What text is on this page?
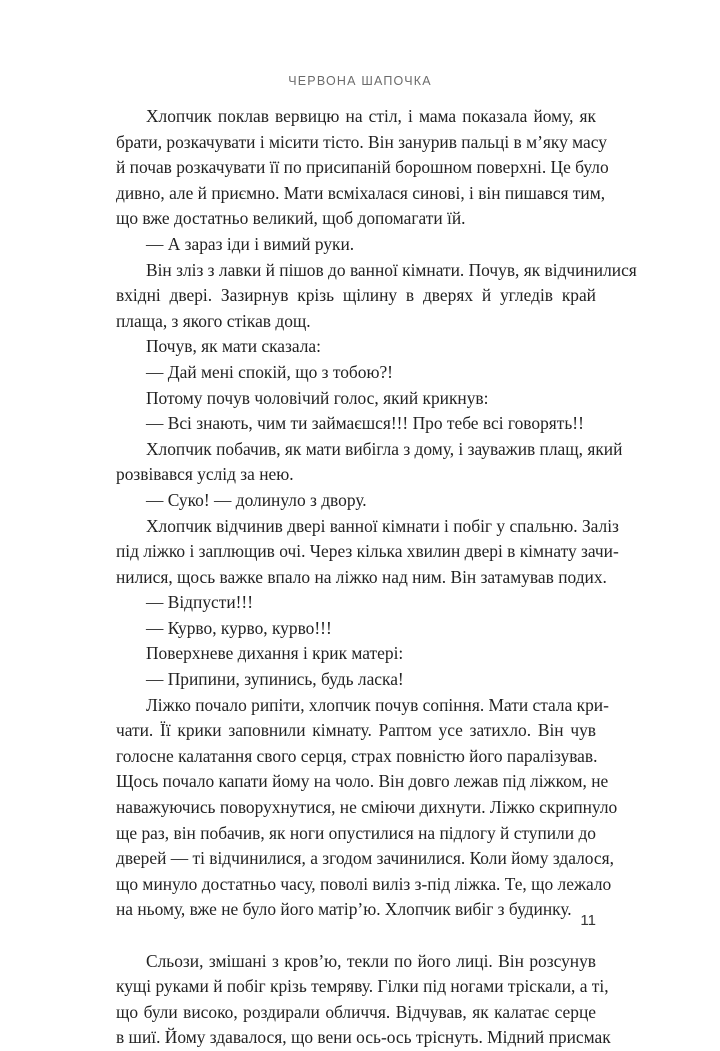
ЧЕРВОНА ШАПОЧКА
Хлопчик поклав вервицю на стіл, і мама показала йому, як
брати, розкачувати і місити тісто. Він занурив пальці в м’яку масу
й почав розкачувати її по присипаній борошном поверхні. Це було
дивно, але й приємно. Мати всміхалася синові, і він пишався тим,
що вже достатньо великий, щоб допомагати їй.
— А зараз іди і вимий руки.
Він зліз з лавки й пішов до ванної кімнати. Почув, як відчинилися
вхідні двері. Зазирнув крізь щілину в дверях й угледів край
плаща, з якого стікав дощ.
Почув, як мати сказала:
— Дай мені спокій, що з тобою?!
Потому почув чоловічий голос, який крикнув:
— Всі знають, чим ти займаєшся!!! Про тебе всі говорять!!
Хлопчик побачив, як мати вибігла з дому, і зауважив плащ, який
розвівався услід за нею.
— Суко! — долинуло з двору.
Хлопчик відчинив двері ванної кімнати і побіг у спальню. Заліз
під ліжко і заплющив очі. Через кілька хвилин двері в кімнату зачи-
нилися, щось важке впало на ліжко над ним. Він затамував подих.
— Відпусти!!!
— Курво, курво, курво!!!
Поверхневе дихання і крик матері:
— Припини, зупинись, будь ласка!
Ліжко почало рипіти, хлопчик почув сопіння. Мати стала кри-
чати. Її крики заповнили кімнату. Раптом усе затихло. Він чув
голосне калатання свого серця, страх повністю його паралізував.
Щось почало капати йому на чоло. Він довго лежав під ліжком, не
наважуючись поворухнутися, не сміючи дихнути. Ліжко скрипнуло
ще раз, він побачив, як ноги опустилися на підлогу й ступили до
дверей — ті відчинилися, а згодом зачинилися. Коли йому здалося,
що минуло достатньо часу, поволі виліз з-під ліжка. Те, що лежало
на ньому, вже не було його матір’ю. Хлопчик вибіг з будинку.
Сльози, змішані з кров’ю, текли по його лиці. Він розсунув
кущі руками й побіг крізь темряву. Гілки під ногами тріскали, а ті,
що були високо, роздирали обличчя. Відчував, як калатає серце
в шиї. Йому здавалося, що вени ось-ось тріснуть. Мідний присмак
11
